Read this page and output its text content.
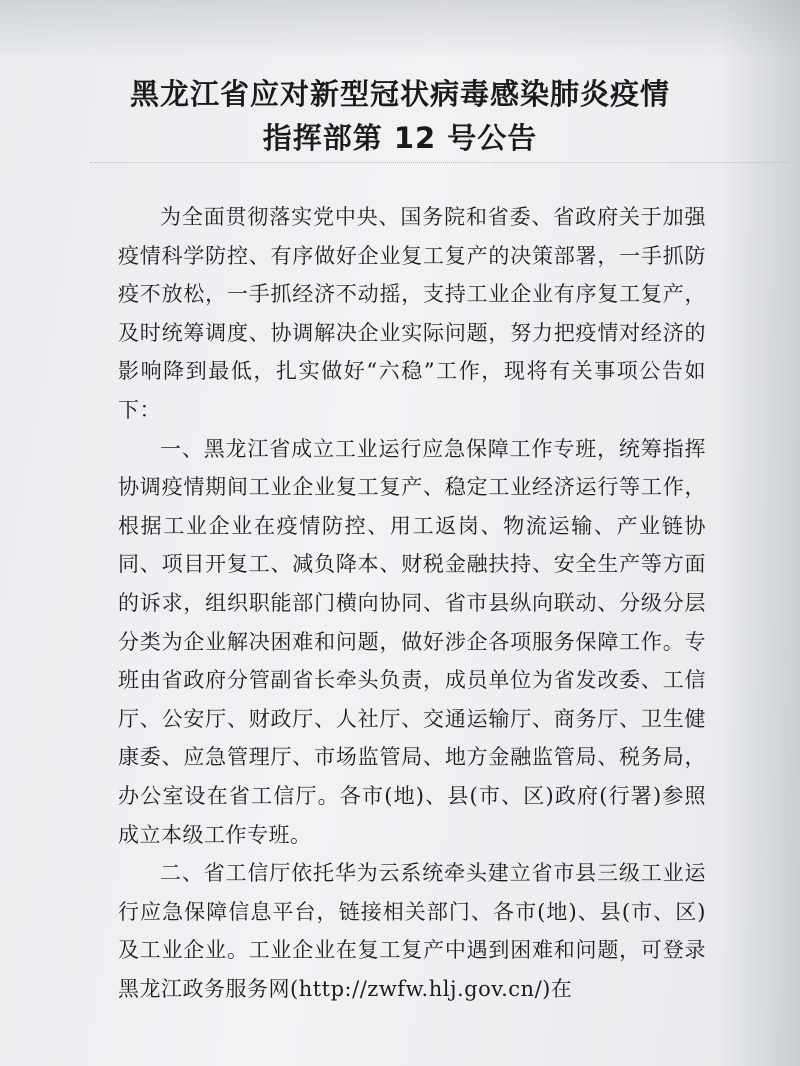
黑龙江省应对新型冠状病毒感染肺炎疫情
指挥部第 12 号公告

为全面贯彻落实党中央、国务院和省委、省政府关于加强疫情科学防控、有序做好企业复工复产的决策部署，一手抓防疫不放松，一手抓经济不动摇，支持工业企业有序复工复产，及时统筹调度、协调解决企业实际问题，努力把疫情对经济的影响降到最低，扎实做好“六稳”工作，现将有关事项公告如下：

一、黑龙江省成立工业运行应急保障工作专班，统筹指挥协调疫情期间工业企业复工复产、稳定工业经济运行等工作，根据工业企业在疫情防控、用工返岗、物流运输、产业链协同、项目开复工、减负降本、财税金融扶持、安全生产等方面的诉求，组织职能部门横向协同、省市县纵向联动、分级分层分类为企业解决困难和问题，做好涉企各项服务保障工作。专班由省政府分管副省长牵头负责，成员单位为省发改委、工信厅、公安厅、财政厅、人社厅、交通运输厅、商务厅、卫生健康委、应急管理厅、市场监管局、地方金融监管局、税务局，办公室设在省工信厅。各市(地)、县(市、区)政府(行署)参照成立本级工作专班。

二、省工信厅依托华为云系统牵头建立省市县三级工业运行应急保障信息平台，链接相关部门、各市(地)、县(市、区)及工业企业。工业企业在复工复产中遇到困难和问题，可登录黑龙江政务服务网(http://zwfw.hlj.gov.cn/)在
